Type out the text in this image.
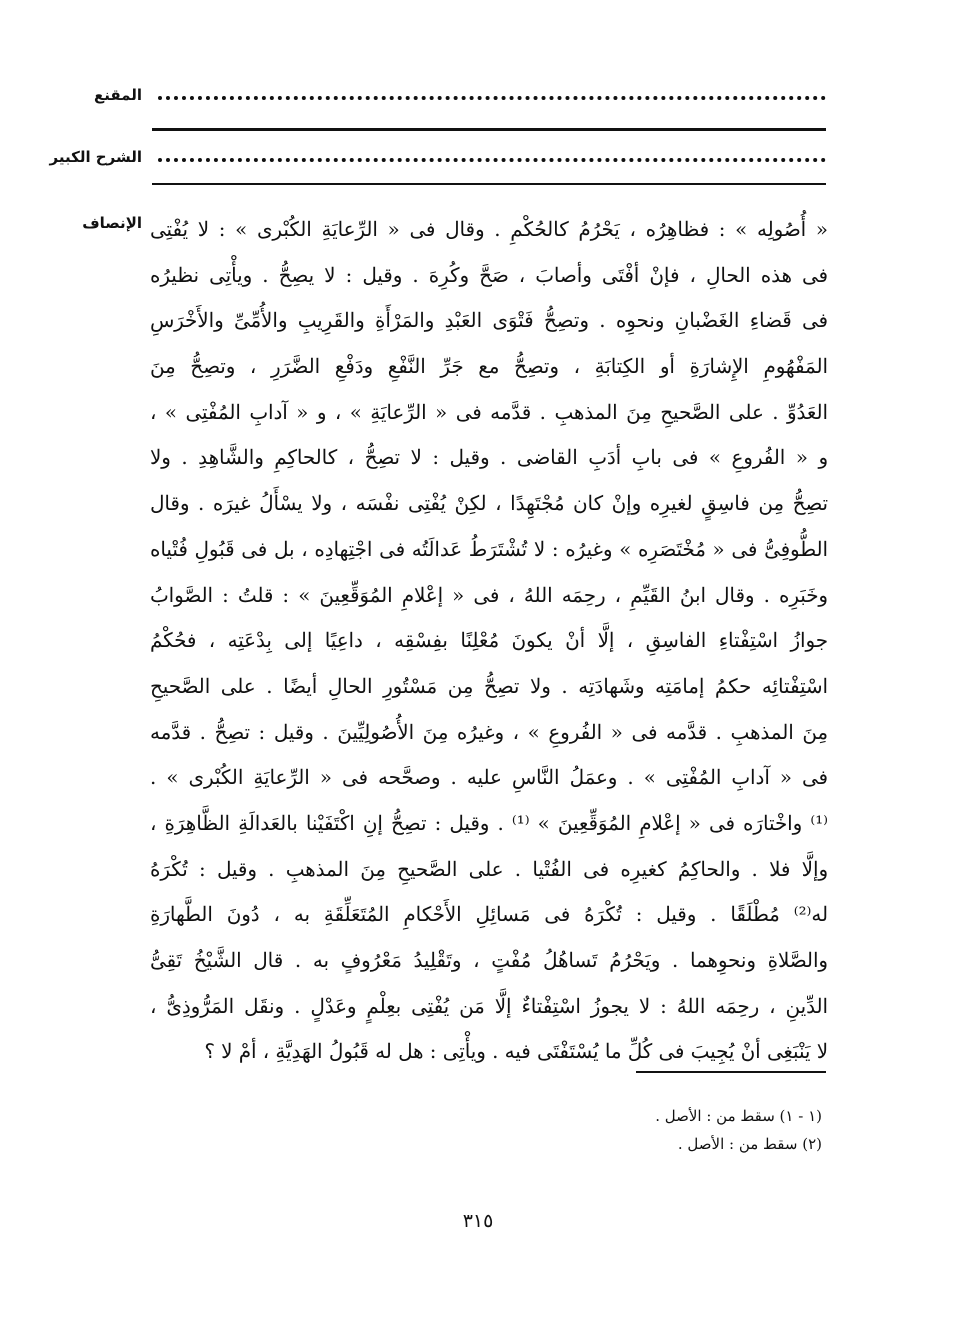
المقنع
الشرح الكبير
الإنصاف « أُصُولِه » : فظاهِرُه ، يَحْرُمُ كالحُكْمِ . وقال فى « الرِّعايَةِ الكُبْرى » : لا يُفْتِى
فى هذه الحالِ ، فإنْ أفْتَى وأصابَ ، صَحَّ وكُرِهَ . وقيل : لا يصِحُّ . ويأْتِى نظيرُه
فى قَضاءِ الغَضْبانِ ونحوِه . وتصِحُّ فَتْوَى العَبْدِ والمَرْأَةِ والقَرِيبِ والأُمِّىِّ والأَخْرَسِ
المَفْهُومِ الإِشارَةِ أو الكِتابَةِ ، وتصِحُّ مع جَرِّ النَّفْعِ ودَفْعِ الضَّرَرِ ، وتصِحُّ مِنَ
العَدُوِّ . على الصَّحيحِ مِنَ المذهبِ . قدَّمه فى « الرِّعايَةِ » ، و « آدابِ المُفْتِى » ،
و « الفُروعِ » فى بابِ أدَبِ القاضى . وقيل : لا تصِحُّ ، كالحاكِمِ والشَّاهِدِ . ولا
تصِحُّ مِن فاسِقٍ لغيرِه وإنْ كان مُجْتَهِدًا ، لكِنْ يُفْتِى نفْسَه ، ولا يسْأَلُ غيرَه . وقال
الطُّوفِىُّ فى « مُخْتَصَرِه » وغيرُه : لا تُشْتَرَطُ عَدالَتُه فى اجْتِهادِه ، بل فى قَبُولِ فُتْياه
وخَبَرِه . وقال ابنُ القَيِّمِ ، رحِمَه اللهُ ، فى « إعْلامِ المُوَقِّعِينَ » : قلتُ : الصَّوابُ
جوازُ اسْتِفْتاءِ الفاسِقِ ، إلَّا أنْ يكونَ مُعْلِنًا بفِسْقِه ، داعِيًا إلى بِدْعَتِه ، فحُكْمُ
اسْتِفْتائِه حكمُ إمامَتِه وشَهادَتِه . ولا تصِحُّ مِن مَسْتُورِ الحالِ أيضًا . على الصَّحيحِ
مِنَ المذهبِ . قدَّمه فى « الفُروعِ » ، وغيرُه مِنَ الأُصُولِيِّينَ . وقيل : تصِحُّ . قدَّمه
فى « آدابِ المُفْتِى » . وعمَلُ النَّاسِ عليه . وصحَّحه فى « الرِّعايَةِ الكُبْرى » .
⁽¹⁾ واخْتارَه فى « إعْلامِ المُوَقِّعِينَ » ⁽¹⁾ . وقيل : تصِحُّ إنِ اكْتَفَيْنا بالعَدالَةِ الظَّاهِرَةِ ،
وإلَّا فلا . والحاكِمُ كغيرِه فى الفُتْيا . على الصَّحيحِ مِنَ المذهبِ . وقيل : تُكْرَهُ
له⁽²⁾ مُطْلَقًا . وقيل : تُكْرَهُ فى مَسائِلِ الأَحْكامِ المُتَعَلِّقَةِ به ، دُونَ الطَّهارَةِ
والصَّلاةِ ونحوِهما . ويَحْرُمُ تَساهُلُ مُفْتٍ ، وتَقْلِيدُ مَعْرُوفٍ به . قال الشَّيْخُ تَقِىُّ
الدِّينِ ، رحِمَه اللهُ : لا يجوزُ اسْتِفْتاءٌ إلَّا مَن يُفْتِى بعِلْمٍ وعَدْلٍ . ونقَل المَرُّوذِىُّ ،
لا يَنْبَغِى أنْ يُجِيبَ فى كُلِّ ما يُسْتَفْتَى فيه . ويأْتِى : هل له قَبُولُ الهَدِيَّةِ ، أمْ لا ؟
(١ - ١) سقط من : الأصل .
(٢) سقط من : الأصل .
٣١٥
